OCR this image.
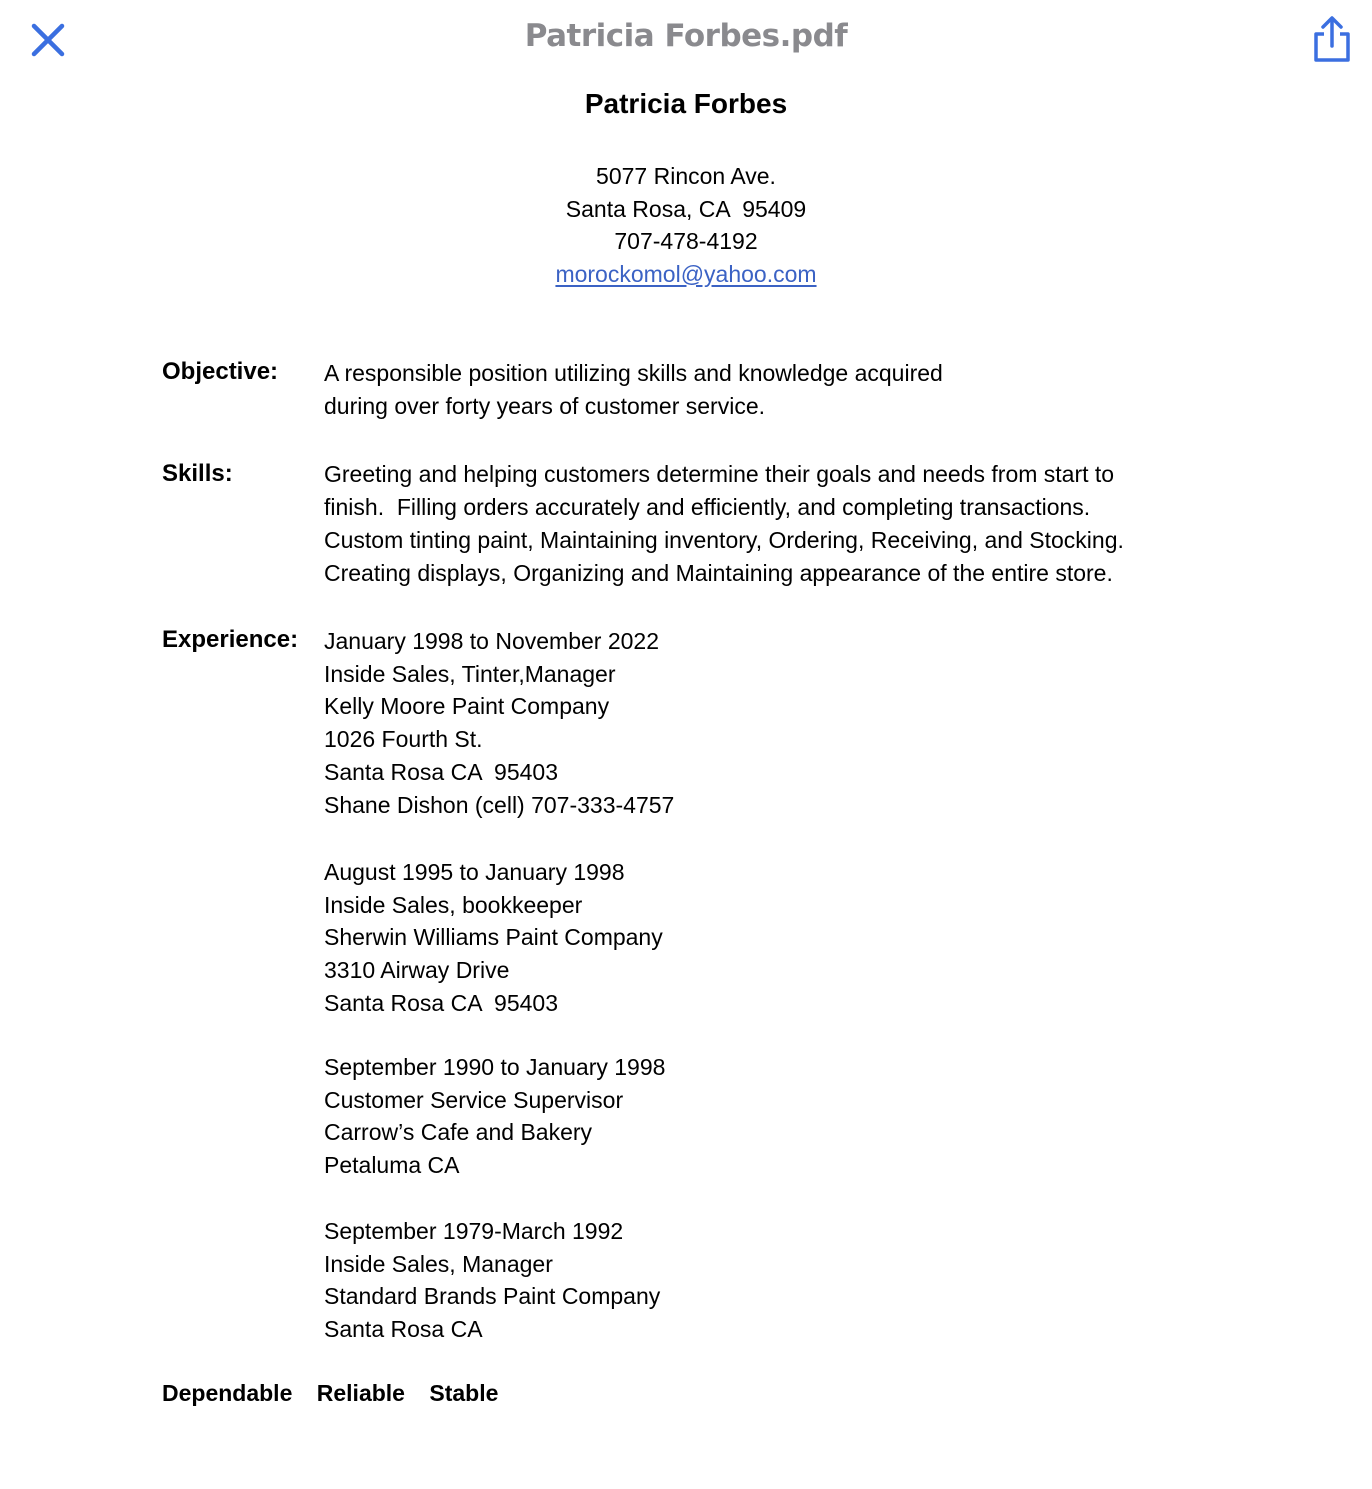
Patricia Forbes.pdf
Patricia Forbes
5077 Rincon Ave.
Santa Rosa, CA  95409
707-478-4192
morockomol@yahoo.com
Objective: A responsible position utilizing skills and knowledge acquired
during over forty years of customer service.
Skills:	Greeting and helping customers determine their goals and needs from start to
finish.  Filling orders accurately and efficiently, and completing transactions.
Custom tinting paint, Maintaining inventory, Ordering, Receiving, and Stocking.
Creating displays, Organizing and Maintaining appearance of the entire store.
Experience: January 1998 to November 2022
Inside Sales, Tinter,Manager
Kelly Moore Paint Company
1026 Fourth St.
Santa Rosa CA  95403
Shane Dishon (cell) 707-333-4757
August 1995 to January 1998
Inside Sales, bookkeeper
Sherwin Williams Paint Company
3310 Airway Drive
Santa Rosa CA  95403
September 1990 to January 1998
Customer Service Supervisor
Carrow’s Cafe and Bakery
Petaluma CA
September 1979-March 1992
Inside Sales, Manager
Standard Brands Paint Company
Santa Rosa CA
Dependable Reliable Stable
